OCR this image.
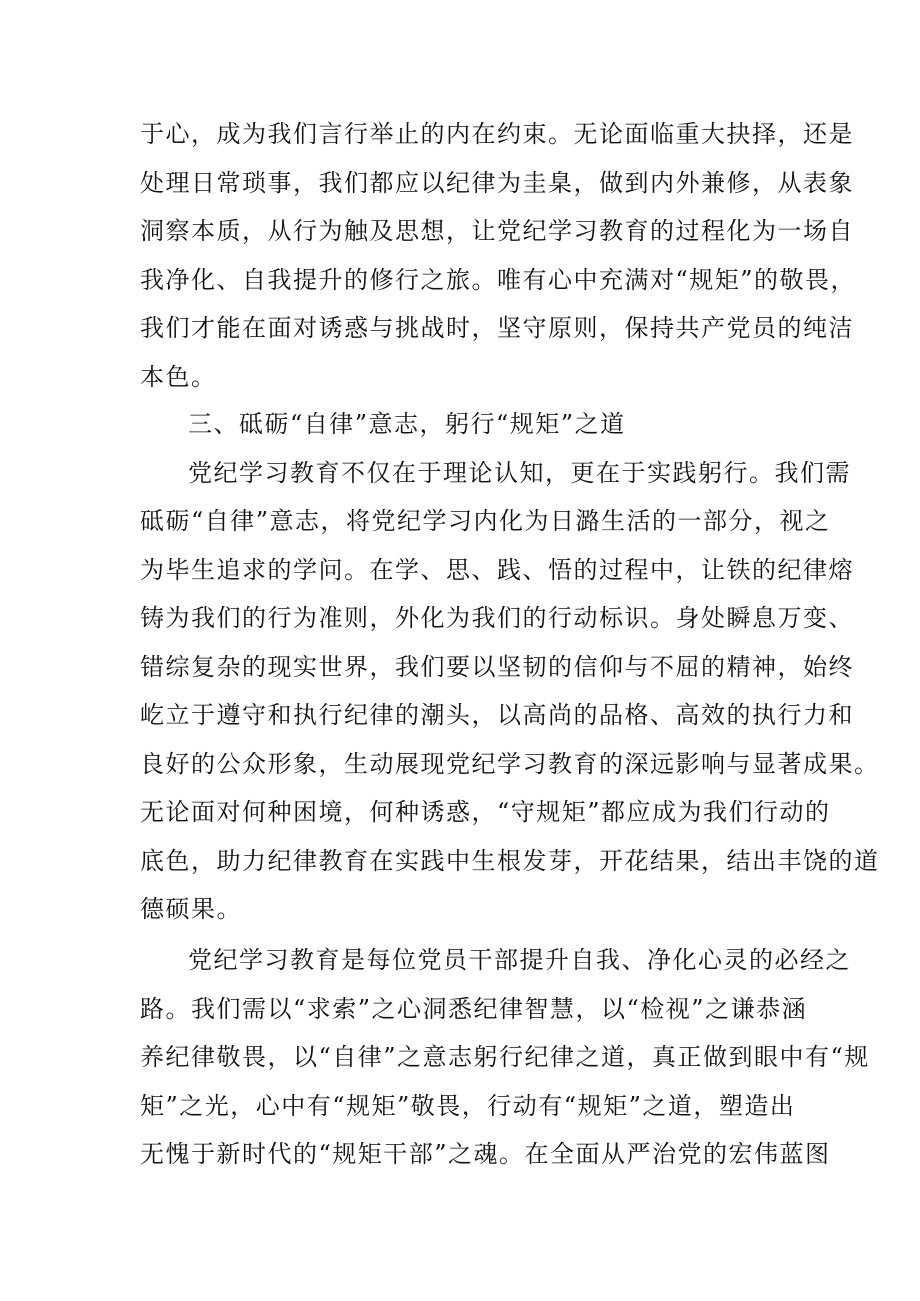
于心，成为我们言行举止的内在约束。无论面临重大抉择，还是
处理日常琐事，我们都应以纪律为圭臬，做到内外兼修，从表象
洞察本质，从行为触及思想，让党纪学习教育的过程化为一场自
我净化、自我提升的修行之旅。唯有心中充满对“规矩”的敬畏，
我们才能在面对诱惑与挑战时，坚守原则，保持共产党员的纯洁
本色。
三、砥砺“自律”意志，躬行“规矩”之道
党纪学习教育不仅在于理论认知，更在于实践躬行。我们需
砥砺“自律”意志，将党纪学习内化为日潞生活的一部分，视之
为毕生追求的学问。在学、思、践、悟的过程中，让铁的纪律熔
铸为我们的行为准则，外化为我们的行动标识。身处瞬息万变、
错综复杂的现实世界，我们要以坚韧的信仰与不屈的精神，始终
屹立于遵守和执行纪律的潮头，以高尚的品格、高效的执行力和
良好的公众形象，生动展现党纪学习教育的深远影响与显著成果。
无论面对何种困境，何种诱惑，“守规矩”都应成为我们行动的
底色，助力纪律教育在实践中生根发芽，开花结果，结出丰饶的道
德硕果。
党纪学习教育是每位党员干部提升自我、净化心灵的必经之
路。我们需以“求索”之心洞悉纪律智慧，以“检视”之谦恭涵
养纪律敬畏，以“自律”之意志躬行纪律之道，真正做到眼中有“规
矩”之光，心中有“规矩”敬畏，行动有“规矩”之道，塑造出
无愧于新时代的“规矩干部”之魂。在全面从严治党的宏伟蓝图
